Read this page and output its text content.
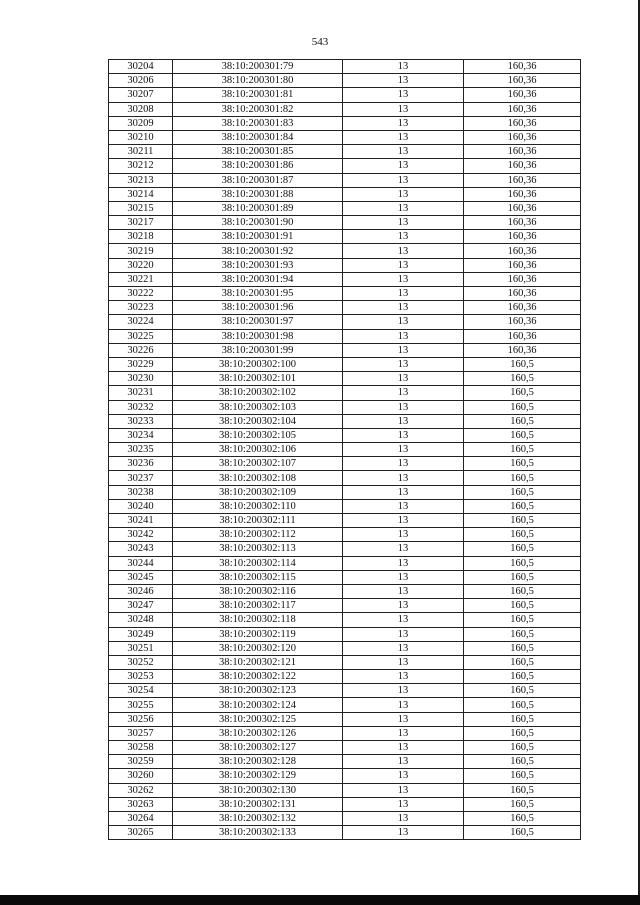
543
30204	38:10:200301:79	13	160,36
30206	38:10:200301:80	13	160,36
30207	38:10:200301:81	13	160,36
30208	38:10:200301:82	13	160,36
30209	38:10:200301:83	13	160,36
30210	38:10:200301:84	13	160,36
30211	38:10:200301:85	13	160,36
30212	38:10:200301:86	13	160,36
30213	38:10:200301:87	13	160,36
30214	38:10:200301:88	13	160,36
30215	38:10:200301:89	13	160,36
30217	38:10:200301:90	13	160,36
30218	38:10:200301:91	13	160,36
30219	38:10:200301:92	13	160,36
30220	38:10:200301:93	13	160,36
30221	38:10:200301:94	13	160,36
30222	38:10:200301:95	13	160,36
30223	38:10:200301:96	13	160,36
30224	38:10:200301:97	13	160,36
30225	38:10:200301:98	13	160,36
30226	38:10:200301:99	13	160,36
30229	38:10:200302:100	13	160,5
30230	38:10:200302:101	13	160,5
30231	38:10:200302:102	13	160,5
30232	38:10:200302:103	13	160,5
30233	38:10:200302:104	13	160,5
30234	38:10:200302:105	13	160,5
30235	38:10:200302:106	13	160,5
30236	38:10:200302:107	13	160,5
30237	38:10:200302:108	13	160,5
30238	38:10:200302:109	13	160,5
30240	38:10:200302:110	13	160,5
30241	38:10:200302:111	13	160,5
30242	38:10:200302:112	13	160,5
30243	38:10:200302:113	13	160,5
30244	38:10:200302:114	13	160,5
30245	38:10:200302:115	13	160,5
30246	38:10:200302:116	13	160,5
30247	38:10:200302:117	13	160,5
30248	38:10:200302:118	13	160,5
30249	38:10:200302:119	13	160,5
30251	38:10:200302:120	13	160,5
30252	38:10:200302:121	13	160,5
30253	38:10:200302:122	13	160,5
30254	38:10:200302:123	13	160,5
30255	38:10:200302:124	13	160,5
30256	38:10:200302:125	13	160,5
30257	38:10:200302:126	13	160,5
30258	38:10:200302:127	13	160,5
30259	38:10:200302:128	13	160,5
30260	38:10:200302:129	13	160,5
30262	38:10:200302:130	13	160,5
30263	38:10:200302:131	13	160,5
30264	38:10:200302:132	13	160,5
30265	38:10:200302:133	13	160,5
